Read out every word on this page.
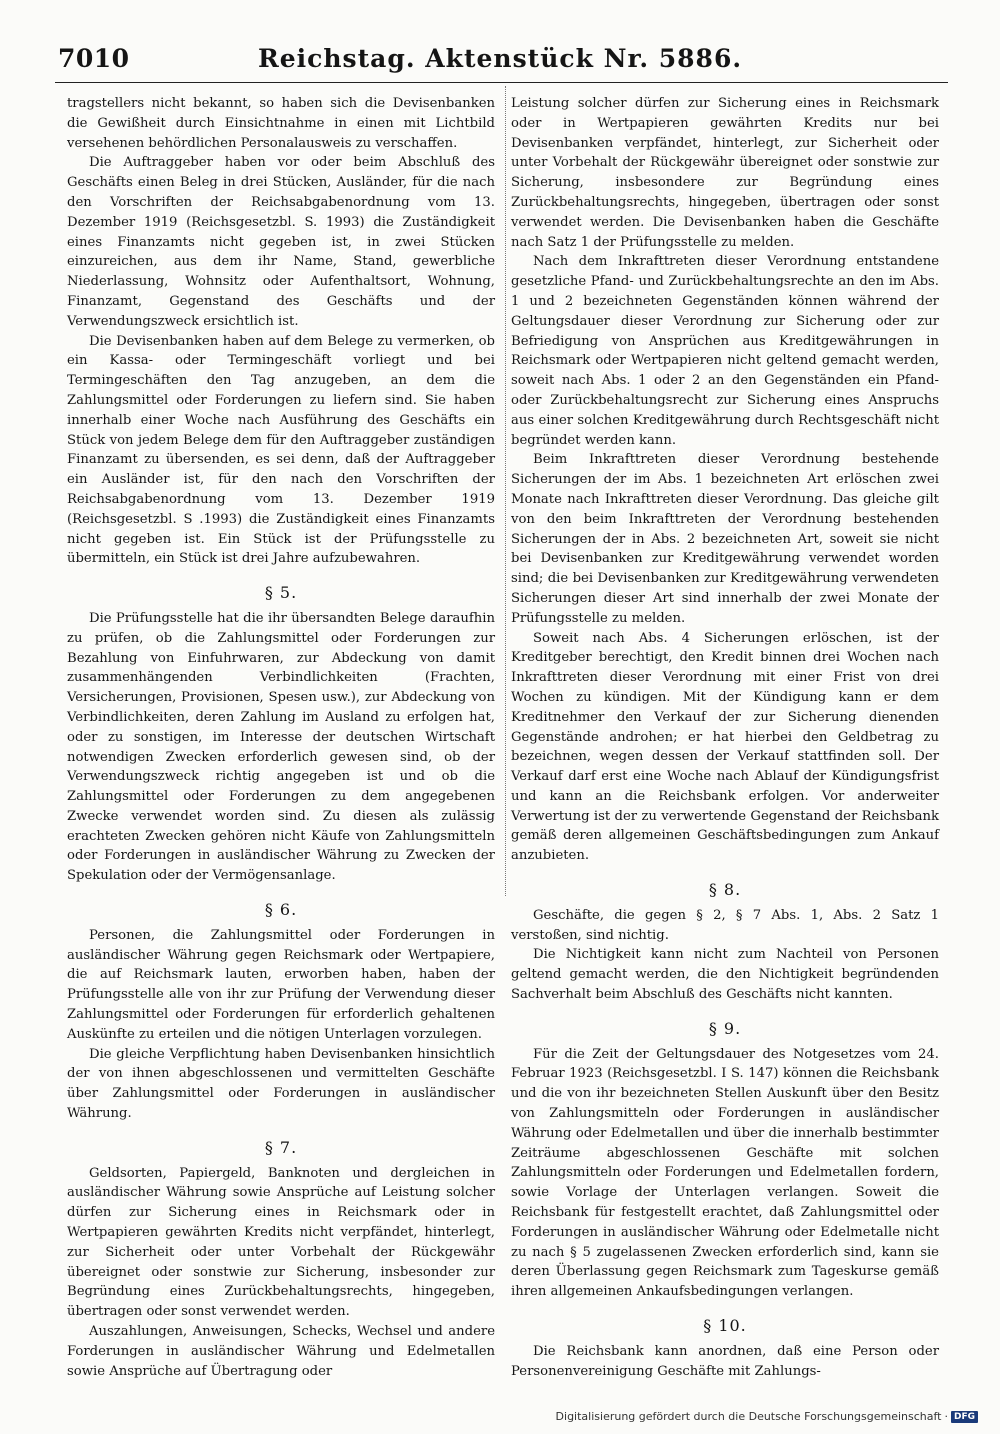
7010	Reichstag. Aktenstück Nr. 5886.

tragstellers nicht bekannt, so haben sich die Devisenbanken die Gewißheit durch Einsichtnahme in einen mit Lichtbild versehenen behördlichen Personalausweis zu verschaffen.

Die Auftraggeber haben vor oder beim Abschluß des Geschäfts einen Beleg in drei Stücken, Ausländer, für die nach den Vorschriften der Reichsabgabenordnung vom 13. Dezember 1919 (Reichsgesetzbl. S. 1993) die Zuständigkeit eines Finanzamts nicht gegeben ist, in zwei Stücken einzureichen, aus dem ihr Name, Stand, gewerbliche Niederlassung, Wohnsitz oder Aufenthaltsort, Wohnung, Finanzamt, Gegenstand des Geschäfts und der Verwendungszweck ersichtlich ist.

Die Devisenbanken haben auf dem Belege zu vermerken, ob ein Kassa- oder Termingeschäft vorliegt und bei Termingeschäften den Tag anzugeben, an dem die Zahlungsmittel oder Forderungen zu liefern sind. Sie haben innerhalb einer Woche nach Ausführung des Geschäfts ein Stück von jedem Belege dem für den Auftraggeber zuständigen Finanzamt zu übersenden, es sei denn, daß der Auftraggeber ein Ausländer ist, für den nach den Vorschriften der Reichsabgabenordnung vom 13. Dezember 1919 (Reichsgesetzbl. S .1993) die Zuständigkeit eines Finanzamts nicht gegeben ist. Ein Stück ist der Prüfungsstelle zu übermitteln, ein Stück ist drei Jahre aufzubewahren.

§ 5.

Die Prüfungsstelle hat die ihr übersandten Belege daraufhin zu prüfen, ob die Zahlungsmittel oder Forderungen zur Bezahlung von Einfuhrwaren, zur Abdeckung von damit zusammenhängenden Verbindlichkeiten (Frachten, Versicherungen, Provisionen, Spesen usw.), zur Abdeckung von Verbindlichkeiten, deren Zahlung im Ausland zu erfolgen hat, oder zu sonstigen, im Interesse der deutschen Wirtschaft notwendigen Zwecken erforderlich gewesen sind, ob der Verwendungszweck richtig angegeben ist und ob die Zahlungsmittel oder Forderungen zu dem angegebenen Zwecke verwendet worden sind. Zu diesen als zulässig erachteten Zwecken gehören nicht Käufe von Zahlungsmitteln oder Forderungen in ausländischer Währung zu Zwecken der Spekulation oder der Vermögensanlage.

§ 6.

Personen, die Zahlungsmittel oder Forderungen in ausländischer Währung gegen Reichsmark oder Wertpapiere, die auf Reichsmark lauten, erworben haben, haben der Prüfungsstelle alle von ihr zur Prüfung der Verwendung dieser Zahlungsmittel oder Forderungen für erforderlich gehaltenen Auskünfte zu erteilen und die nötigen Unterlagen vorzulegen.

Die gleiche Verpflichtung haben Devisenbanken hinsichtlich der von ihnen abgeschlossenen und vermittelten Geschäfte über Zahlungsmittel oder Forderungen in ausländischer Währung.

§ 7.

Geldsorten, Papiergeld, Banknoten und dergleichen in ausländischer Währung sowie Ansprüche auf Leistung solcher dürfen zur Sicherung eines in Reichsmark oder in Wertpapieren gewährten Kredits nicht verpfändet, hinterlegt, zur Sicherheit oder unter Vorbehalt der Rückgewähr übereignet oder sonstwie zur Sicherung, insbesonder zur Begründung eines Zurückbehaltungsrechts, hingegeben, übertragen oder sonst verwendet werden.

Auszahlungen, Anweisungen, Schecks, Wechsel und andere Forderungen in ausländischer Währung und Edelmetallen sowie Ansprüche auf Übertragung oder

Leistung solcher dürfen zur Sicherung eines in Reichsmark oder in Wertpapieren gewährten Kredits nur bei Devisenbanken verpfändet, hinterlegt, zur Sicherheit oder unter Vorbehalt der Rückgewähr übereignet oder sonstwie zur Sicherung, insbesondere zur Begründung eines Zurückbehaltungsrechts, hingegeben, übertragen oder sonst verwendet werden. Die Devisenbanken haben die Geschäfte nach Satz 1 der Prüfungsstelle zu melden.

Nach dem Inkrafttreten dieser Verordnung entstandene gesetzliche Pfand- und Zurückbehaltungsrechte an den im Abs. 1 und 2 bezeichneten Gegenständen können während der Geltungsdauer dieser Verordnung zur Sicherung oder zur Befriedigung von Ansprüchen aus Kreditgewährungen in Reichsmark oder Wertpapieren nicht geltend gemacht werden, soweit nach Abs. 1 oder 2 an den Gegenständen ein Pfand- oder Zurückbehaltungsrecht zur Sicherung eines Anspruchs aus einer solchen Kreditgewährung durch Rechtsgeschäft nicht begründet werden kann.

Beim Inkrafttreten dieser Verordnung bestehende Sicherungen der im Abs. 1 bezeichneten Art erlöschen zwei Monate nach Inkrafttreten dieser Verordnung. Das gleiche gilt von den beim Inkrafttreten der Verordnung bestehenden Sicherungen der in Abs. 2 bezeichneten Art, soweit sie nicht bei Devisenbanken zur Kreditgewährung verwendet worden sind; die bei Devisenbanken zur Kreditgewährung verwendeten Sicherungen dieser Art sind innerhalb der zwei Monate der Prüfungsstelle zu melden.

Soweit nach Abs. 4 Sicherungen erlöschen, ist der Kreditgeber berechtigt, den Kredit binnen drei Wochen nach Inkrafttreten dieser Verordnung mit einer Frist von drei Wochen zu kündigen. Mit der Kündigung kann er dem Kreditnehmer den Verkauf der zur Sicherung dienenden Gegenstände androhen; er hat hierbei den Geldbetrag zu bezeichnen, wegen dessen der Verkauf stattfinden soll. Der Verkauf darf erst eine Woche nach Ablauf der Kündigungsfrist und kann an die Reichsbank erfolgen. Vor anderweiter Verwertung ist der zu verwertende Gegenstand der Reichsbank gemäß deren allgemeinen Geschäftsbedingungen zum Ankauf anzubieten.

§ 8.

Geschäfte, die gegen § 2, § 7 Abs. 1, Abs. 2 Satz 1 verstoßen, sind nichtig.

Die Nichtigkeit kann nicht zum Nachteil von Personen geltend gemacht werden, die den Nichtigkeit begründenden Sachverhalt beim Abschluß des Geschäfts nicht kannten.

§ 9.

Für die Zeit der Geltungsdauer des Notgesetzes vom 24. Februar 1923 (Reichsgesetzbl. I S. 147) können die Reichsbank und die von ihr bezeichneten Stellen Auskunft über den Besitz von Zahlungsmitteln oder Forderungen in ausländischer Währung oder Edelmetallen und über die innerhalb bestimmter Zeiträume abgeschlossenen Geschäfte mit solchen Zahlungsmitteln oder Forderungen und Edelmetallen fordern, sowie Vorlage der Unterlagen verlangen. Soweit die Reichsbank für festgestellt erachtet, daß Zahlungsmittel oder Forderungen in ausländischer Währung oder Edelmetalle nicht zu nach § 5 zugelassenen Zwecken erforderlich sind, kann sie deren Überlassung gegen Reichsmark zum Tageskurse gemäß ihren allgemeinen Ankaufsbedingungen verlangen.

§ 10.

Die Reichsbank kann anordnen, daß eine Person oder Personenvereinigung Geschäfte mit Zahlungs-

Digitalisierung gefördert durch die Deutsche Forschungsgemeinschaft · DFG
